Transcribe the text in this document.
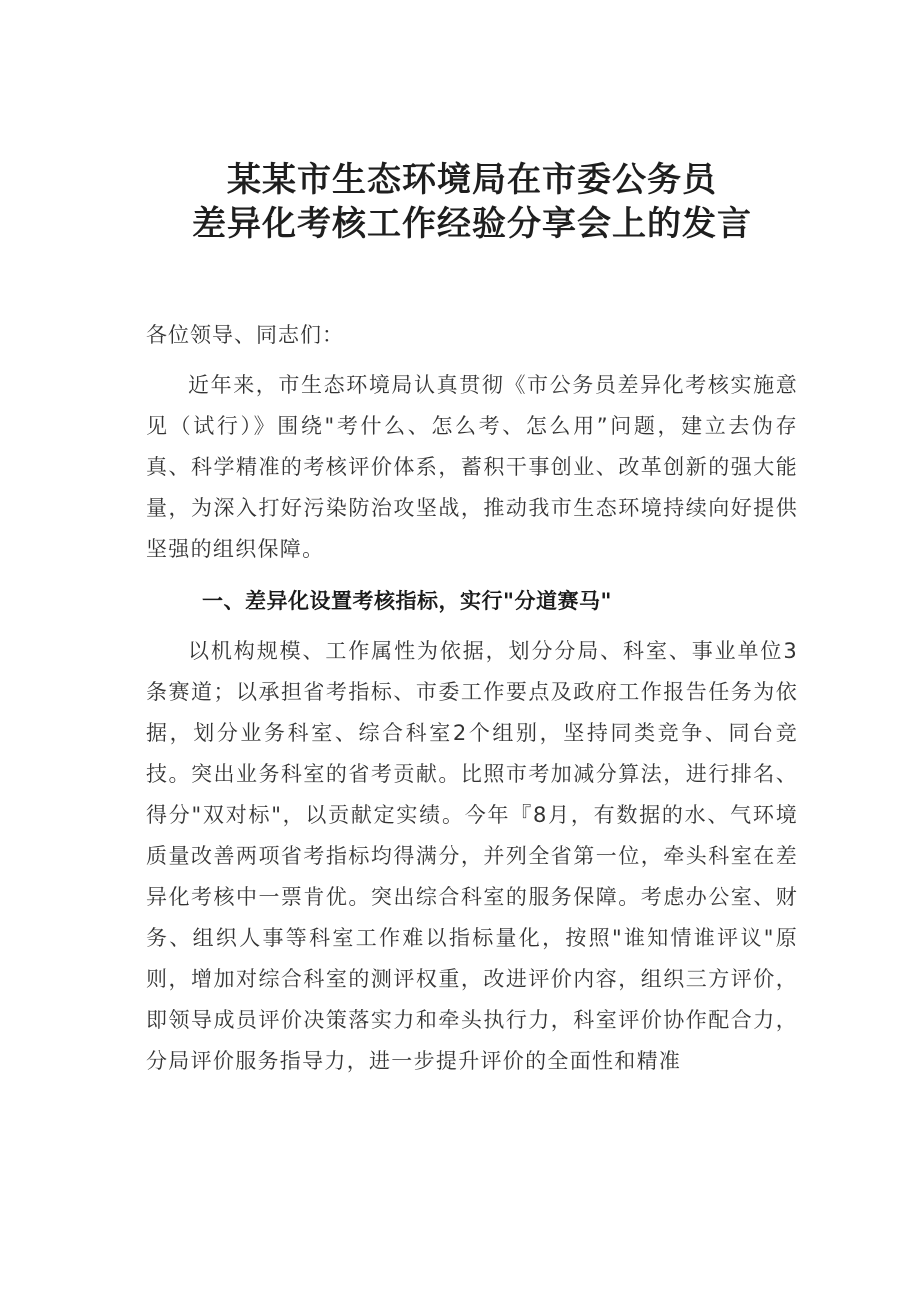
某某市生态环境局在市委公务员
差异化考核工作经验分享会上的发言

各位领导、同志们：

近年来，市生态环境局认真贯彻《市公务员差异化考核实施意见（试行）》围绕"考什么、怎么考、怎么用”问题，建立去伪存真、科学精准的考核评价体系，蓄积干事创业、改革创新的强大能量，为深入打好污染防治攻坚战，推动我市生态环境持续向好提供坚强的组织保障。

一、差异化设置考核指标，实行"分道赛马"

以机构规模、工作属性为依据，划分分局、科室、事业单位3条赛道；以承担省考指标、市委工作要点及政府工作报告任务为依据，划分业务科室、综合科室2个组别，坚持同类竞争、同台竞技。突出业务科室的省考贡献。比照市考加减分算法，进行排名、得分"双对标"，以贡献定实绩。今年『8月，有数据的水、气环境质量改善两项省考指标均得满分，并列全省第一位，牵头科室在差异化考核中一票肯优。突出综合科室的服务保障。考虑办公室、财务、组织人事等科室工作难以指标量化，按照"谁知情谁评议"原则，增加对综合科室的测评权重，改进评价内容，组织三方评价，即领导成员评价决策落实力和牵头执行力，科室评价协作配合力，分局评价服务指导力，进一步提升评价的全面性和精准
